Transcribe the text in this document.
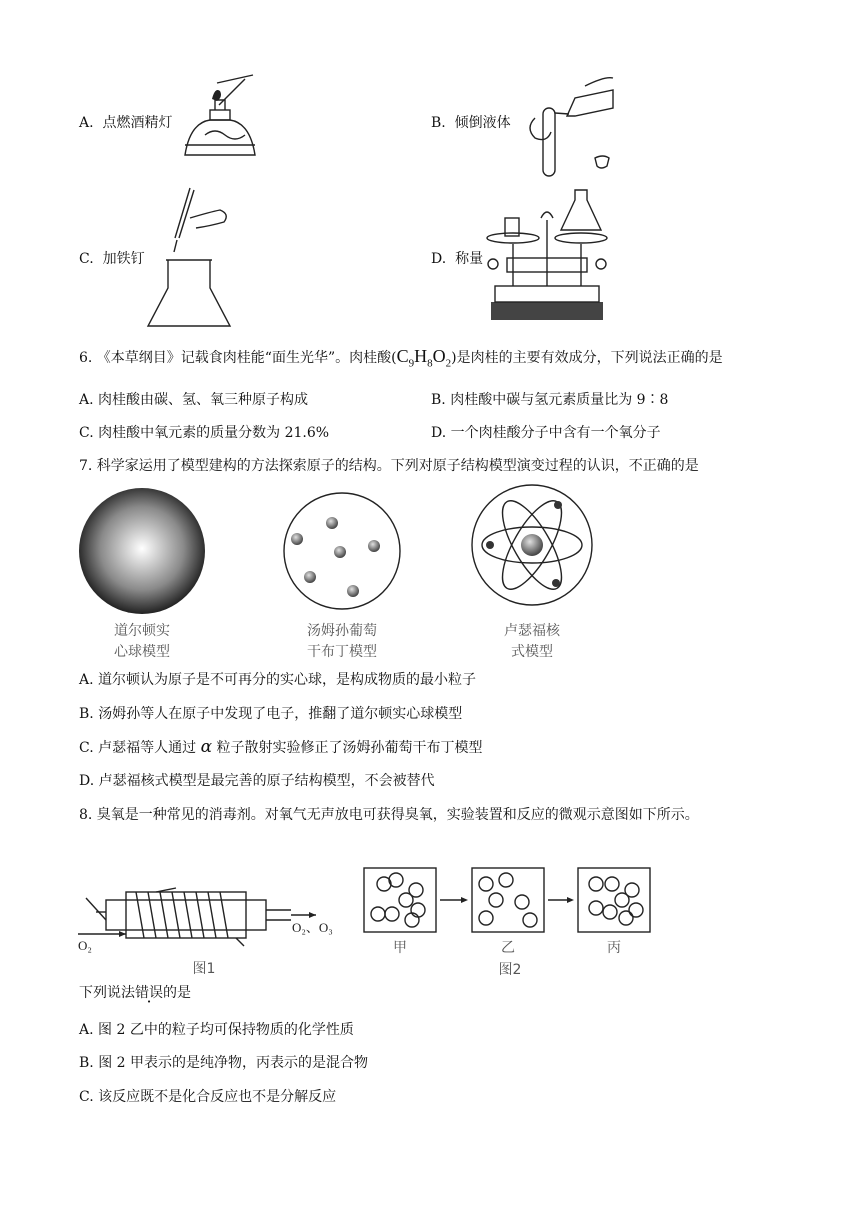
A. 点燃酒精灯	B. 倾倒液体
C. 加铁钉	D. 称量
6. 《本草纲目》记载食肉桂能“面生光华”。肉桂酸$(C_9H_8O_2)$是肉桂的主要有效成分，下列说法正确的是
A. 肉桂酸由碳、氢、氧三种原子构成	B. 肉桂酸中碳与氢元素质量比为 9∶8
C. 肉桂酸中氧元素的质量分数为 21.6%	D. 一个肉桂酸分子中含有一个氧分子
7. 科学家运用了模型建构的方法探索原子的结构。下列对原子结构模型演变过程的认识，不正确的是
道尔顿实
心球模型
汤姆孙葡萄
干布丁模型
卢瑟福核
式模型
A. 道尔顿认为原子是不可再分的实心球，是构成物质的最小粒子
B. 汤姆孙等人在原子中发现了电子，推翻了道尔顿实心球模型
C. 卢瑟福等人通过 α 粒子散射实验修正了汤姆孙葡萄干布丁模型
D. 卢瑟福核式模型是最完善的原子结构模型，不会被替代
8. 臭氧是一种常见的消毒剂。对氧气无声放电可获得臭氧，实验装置和反应的微观示意图如下所示。
O₂
O₂、O₃
图1
甲	乙	丙
图2
下列说法错误的是
A. 图 2 乙中的粒子均可保持物质的化学性质
B. 图 2 甲表示的是纯净物，丙表示的是混合物
C. 该反应既不是化合反应也不是分解反应
